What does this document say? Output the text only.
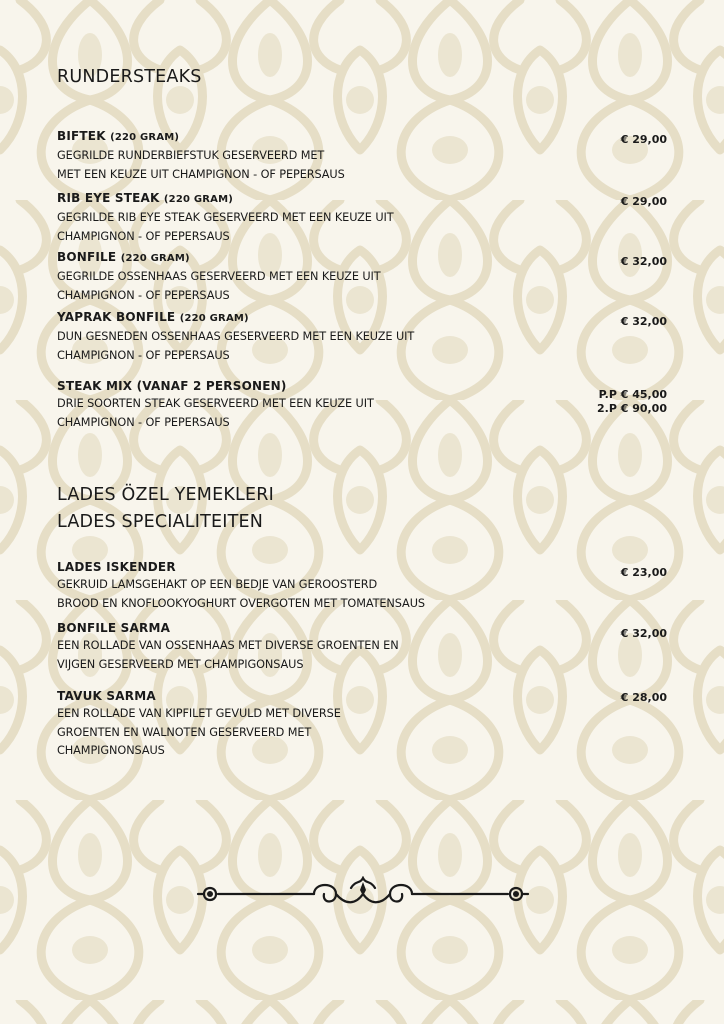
RUNDERSTEAKS
BIFTEK (220 GRAM)
GEGRILDE RUNDERBIEFSTUK GESERVEERD MET
MET EEN KEUZE UIT CHAMPIGNON - OF PEPERSAUS
€ 29,00
RIB EYE STEAK (220 GRAM)
GEGRILDE RIB EYE STEAK GESERVEERD MET EEN KEUZE UIT
CHAMPIGNON - OF PEPERSAUS
€ 29,00
BONFILE (220 GRAM)
GEGRILDE OSSENHAAS GESERVEERD MET EEN KEUZE UIT
CHAMPIGNON - OF PEPERSAUS
€ 32,00
YAPRAK BONFILE (220 GRAM)
DUN GESNEDEN OSSENHAAS GESERVEERD MET EEN KEUZE UIT
CHAMPIGNON - OF PEPERSAUS
€ 32,00
STEAK MIX (VANAF 2 PERSONEN)
DRIE SOORTEN STEAK GESERVEERD MET EEN KEUZE UIT
CHAMPIGNON - OF PEPERSAUS
P.P € 45,00
2.P € 90,00
LADES ÖZEL YEMEKLERI
LADES SPECIALITEITEN
LADES ISKENDER
GEKRUID LAMSGEHAKT OP EEN BEDJE VAN GEROOSTERD
BROOD EN KNOFLOOKYOGHURT OVERGOTEN MET TOMATENSAUS
€ 23,00
BONFILE SARMA
EEN ROLLADE VAN OSSENHAAS MET DIVERSE GROENTEN EN
VIJGEN GESERVEERD MET CHAMPIGONSAUS
€ 32,00
TAVUK SARMA
EEN ROLLADE VAN KIPFILET GEVULD MET DIVERSE
GROENTEN EN WALNOTEN GESERVEERD MET
CHAMPIGNONSAUS
€ 28,00
